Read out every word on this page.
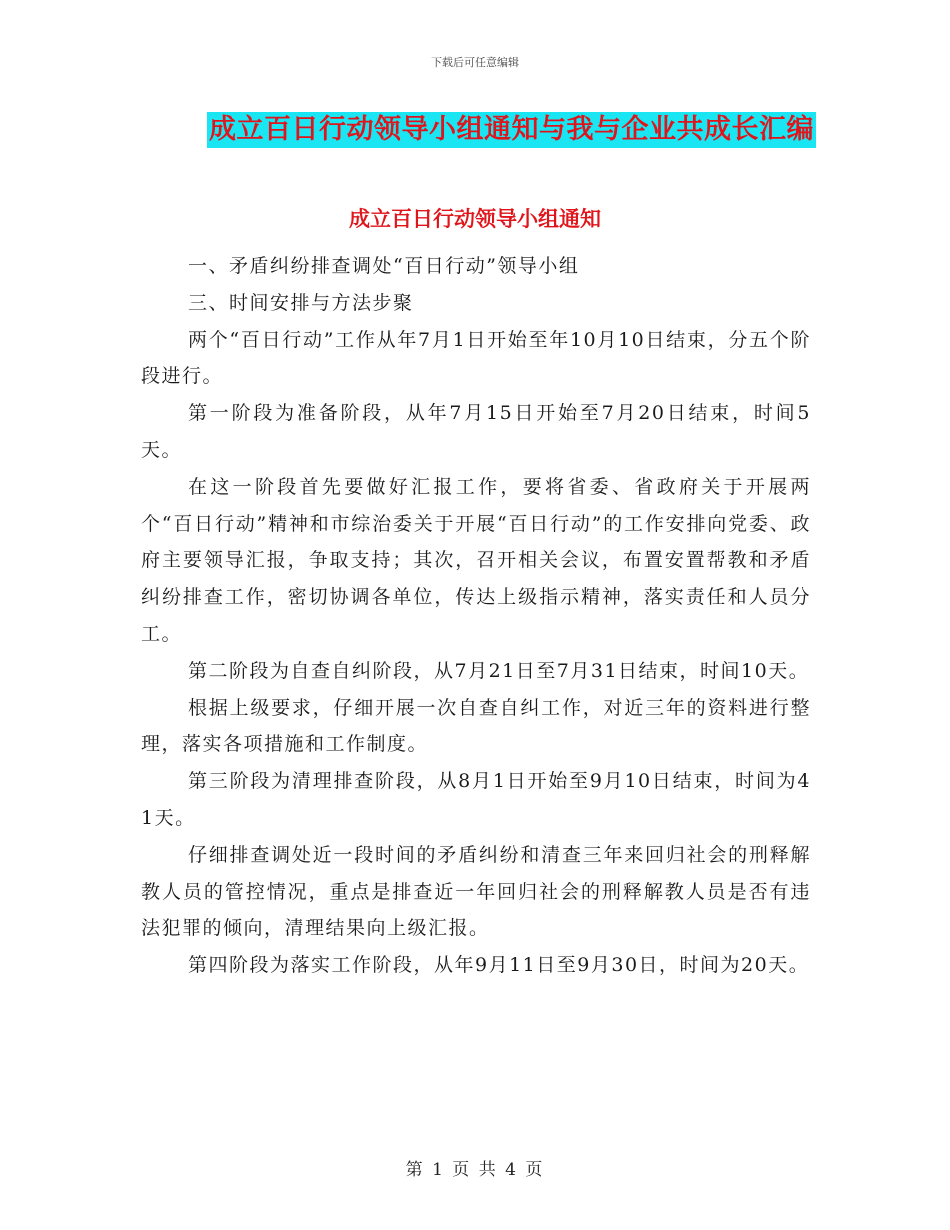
下载后可任意编辑
成立百日行动领导小组通知与我与企业共成长汇编
成立百日行动领导小组通知

一、矛盾纠纷排查调处“百日行动”领导小组

三、时间安排与方法步聚

两个“百日行动”工作从年7月1日开始至年10月10日结束，分五个阶段进行。

第一阶段为准备阶段，从年7月15日开始至7月20日结束，时间5天。

在这一阶段首先要做好汇报工作，要将省委、省政府关于开展两个“百日行动”精神和市综治委关于开展“百日行动”的工作安排向党委、政府主要领导汇报，争取支持；其次，召开相关会议，布置安置帮教和矛盾纠纷排查工作，密切协调各单位，传达上级指示精神，落实责任和人员分工。

第二阶段为自查自纠阶段，从7月21日至7月31日结束，时间10天。

根据上级要求，仔细开展一次自查自纠工作，对近三年的资料进行整理，落实各项措施和工作制度。

第三阶段为清理排查阶段，从8月1日开始至9月10日结束，时间为41天。

仔细排查调处近一段时间的矛盾纠纷和清查三年来回归社会的刑释解教人员的管控情况，重点是排查近一年回归社会的刑释解教人员是否有违法犯罪的倾向，清理结果向上级汇报。

第四阶段为落实工作阶段，从年9月11日至9月30日，时间为20天。

第 1 页 共 4 页
